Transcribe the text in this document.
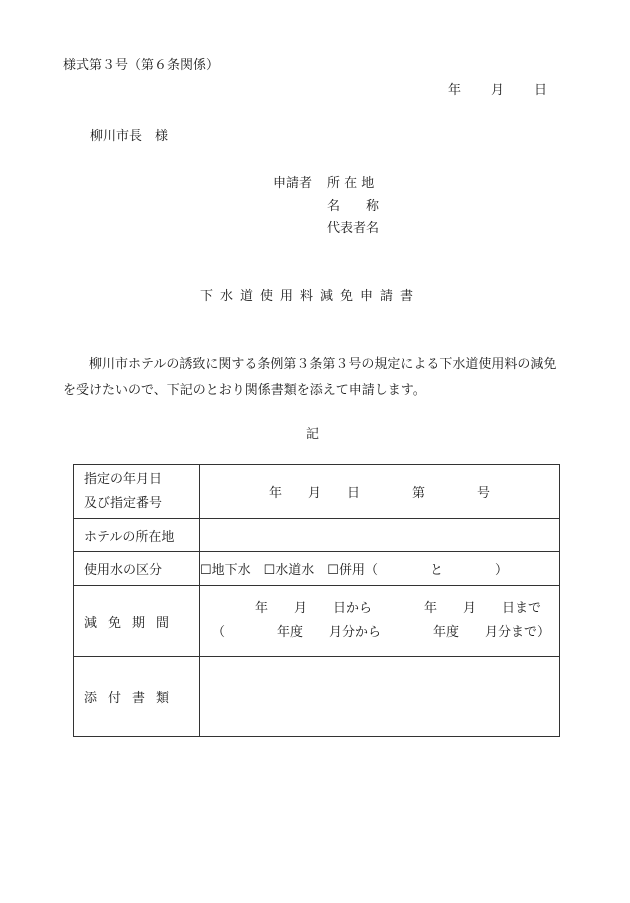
様式第３号（第６条関係）
年 月 日
柳川市長　様
申請者 所 在 地
名　　称
代表者名
下水道使用料減免申請書
柳川市ホテルの誘致に関する条例第３条第３号の規定による下水道使用料の減免を受けたいので、下記のとおり関係書類を添えて申請します。
記
指定の年月日
及び指定番号	年　　月　　日　　　　第　　　　号
ホテルの所在地	
使用水の区分	☐地下水　☐水道水　☐併用（　　　　と　　　　）
減免期間	年　　月　　日から　　　　年　　月　　日まで
（　　　　年度　　月分から　　　　年度　　月分まで）

添付書類	
